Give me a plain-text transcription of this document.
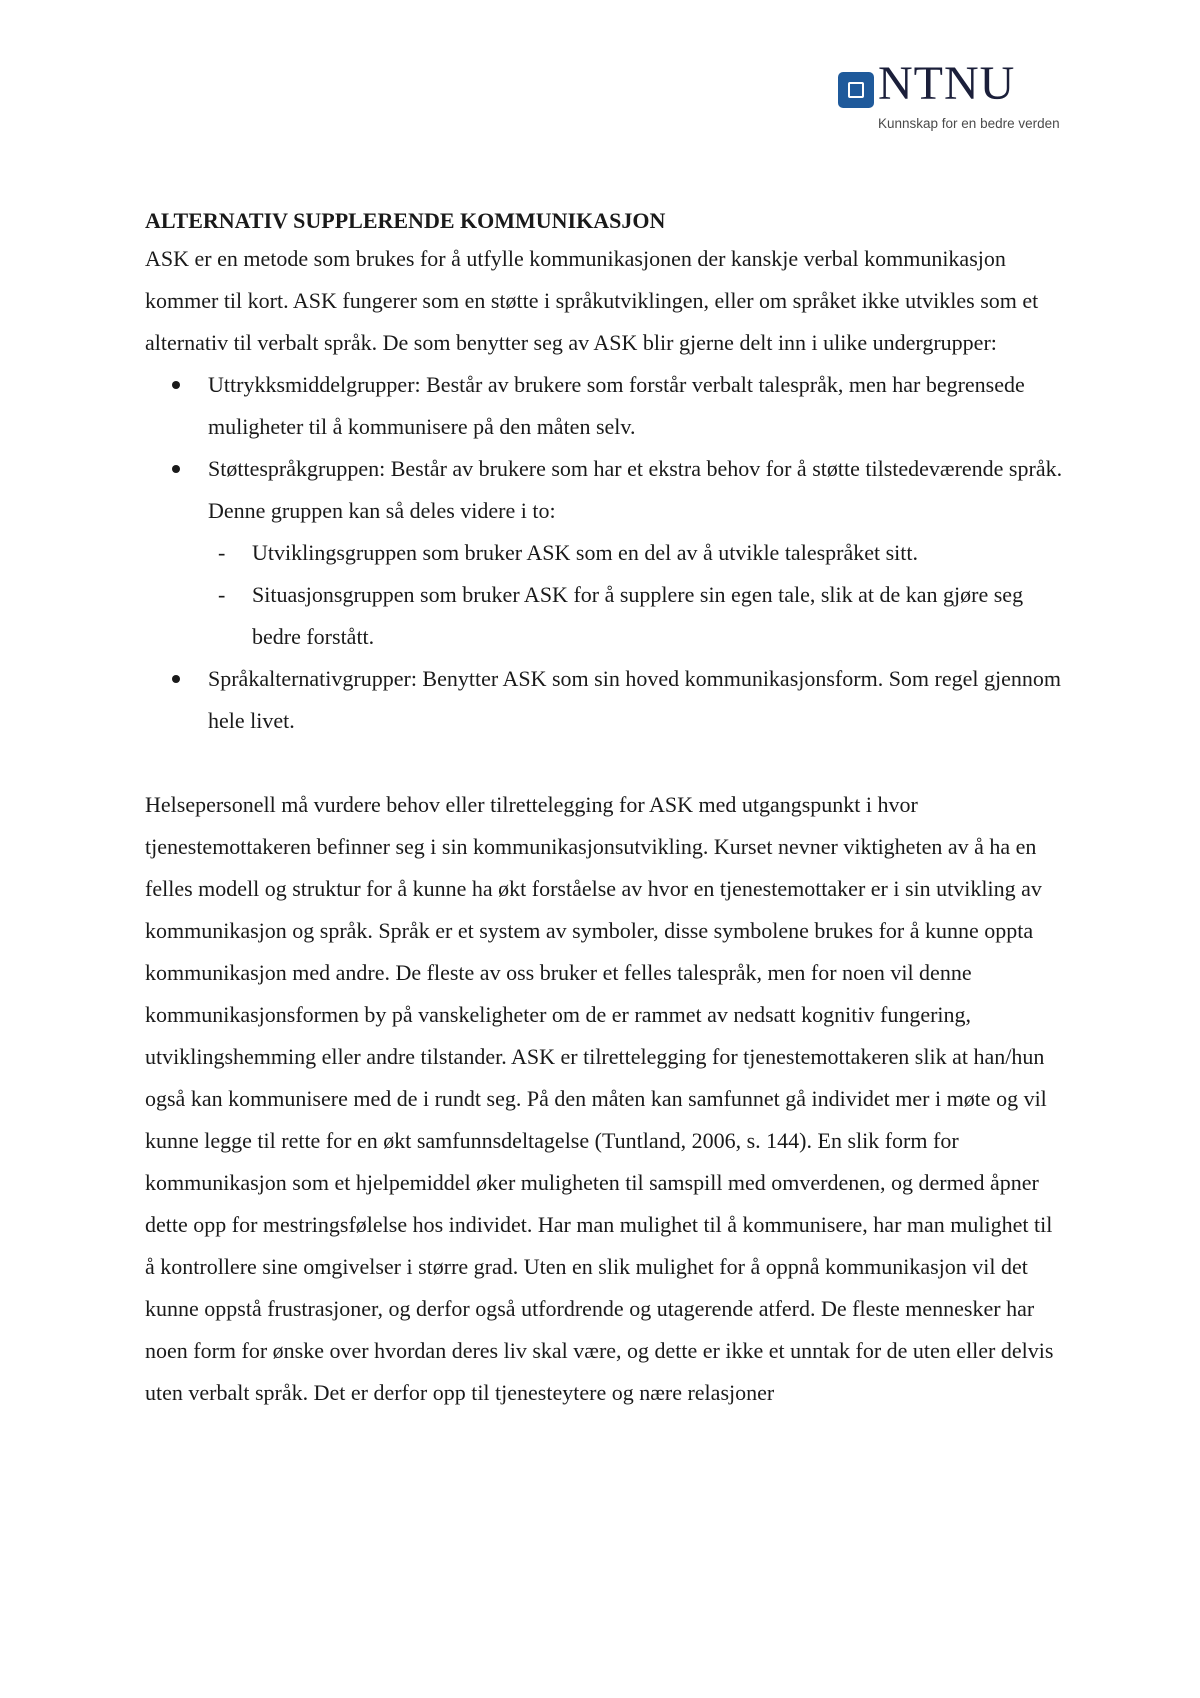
NTNU
Kunnskap for en bedre verden
ALTERNATIV SUPPLERENDE KOMMUNIKASJON

ASK er en metode som brukes for å utfylle kommunikasjonen der kanskje verbal kommunikasjon kommer til kort. ASK fungerer som en støtte i språkutviklingen, eller om språket ikke utvikles som et alternativ til verbalt språk. De som benytter seg av ASK blir gjerne delt inn i ulike undergrupper:

Uttrykksmiddelgrupper: Består av brukere som forstår verbalt talespråk, men har begrensede muligheter til å kommunisere på den måten selv.
Støttespråkgruppen: Består av brukere som har et ekstra behov for å støtte tilstedeværende språk. Denne gruppen kan så deles videre i to:
- Utviklingsgruppen som bruker ASK som en del av å utvikle talespråket sitt.
- Situasjonsgruppen som bruker ASK for å supplere sin egen tale, slik at de kan gjøre seg bedre forstått.
Språkalternativgrupper: Benytter ASK som sin hoved kommunikasjonsform. Som regel gjennom hele livet.

Helsepersonell må vurdere behov eller tilrettelegging for ASK med utgangspunkt i hvor tjenestemottakeren befinner seg i sin kommunikasjonsutvikling. Kurset nevner viktigheten av å ha en felles modell og struktur for å kunne ha økt forståelse av hvor en tjenestemottaker er i sin utvikling av kommunikasjon og språk. Språk er et system av symboler, disse symbolene brukes for å kunne oppta kommunikasjon med andre. De fleste av oss bruker et felles talespråk, men for noen vil denne kommunikasjonsformen by på vanskeligheter om de er rammet av nedsatt kognitiv fungering, utviklingshemming eller andre tilstander. ASK er tilrettelegging for tjenestemottakeren slik at han/hun også kan kommunisere med de i rundt seg. På den måten kan samfunnet gå individet mer i møte og vil kunne legge til rette for en økt samfunnsdeltagelse (Tuntland, 2006, s. 144). En slik form for kommunikasjon som et hjelpemiddel øker muligheten til samspill med omverdenen, og dermed åpner dette opp for mestringsfølelse hos individet. Har man mulighet til å kommunisere, har man mulighet til å kontrollere sine omgivelser i større grad. Uten en slik mulighet for å oppnå kommunikasjon vil det kunne oppstå frustrasjoner, og derfor også utfordrende og utagerende atferd. De fleste mennesker har noen form for ønske over hvordan deres liv skal være, og dette er ikke et unntak for de uten eller delvis uten verbalt språk. Det er derfor opp til tjenesteytere og nære relasjoner
